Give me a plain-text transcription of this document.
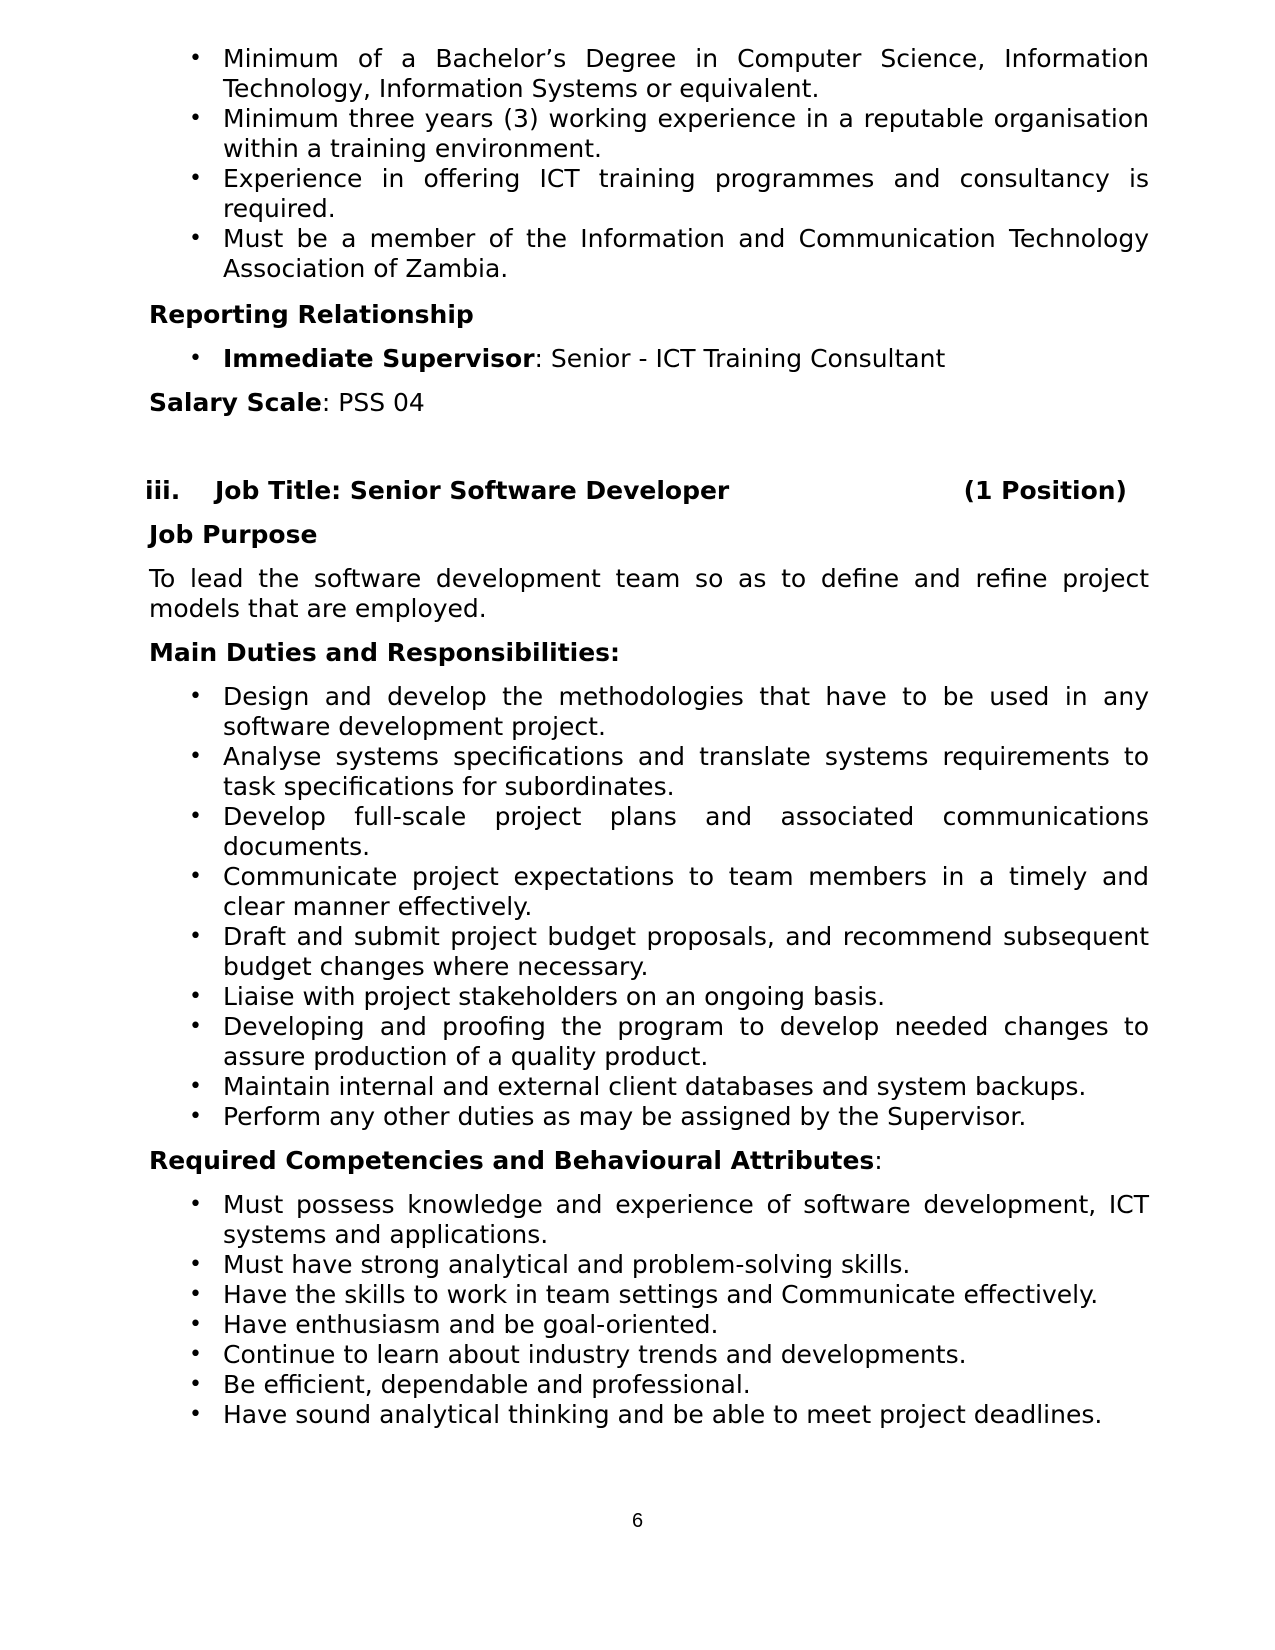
• Minimum of a Bachelor’s Degree in Computer Science, Information Technology, Information Systems or equivalent.
• Minimum three years (3) working experience in a reputable organisation within a training environment.
• Experience in offering ICT training programmes and consultancy is required.
• Must be a member of the Information and Communication Technology Association of Zambia.

Reporting Relationship

• Immediate Supervisor: Senior - ICT Training Consultant

Salary Scale: PSS 04

iii. Job Title: Senior Software Developer	(1 Position)

Job Purpose

To lead the software development team so as to define and refine project models that are employed.

Main Duties and Responsibilities:

• Design and develop the methodologies that have to be used in any software development project.
• Analyse systems specifications and translate systems requirements to task specifications for subordinates.
• Develop full-scale project plans and associated communications documents.
• Communicate project expectations to team members in a timely and clear manner effectively.
• Draft and submit project budget proposals, and recommend subsequent budget changes where necessary.
• Liaise with project stakeholders on an ongoing basis.
• Developing and proofing the program to develop needed changes to assure production of a quality product.
• Maintain internal and external client databases and system backups.
• Perform any other duties as may be assigned by the Supervisor.

Required Competencies and Behavioural Attributes:

• Must possess knowledge and experience of software development, ICT systems and applications.
• Must have strong analytical and problem-solving skills.
• Have the skills to work in team settings and Communicate effectively.
• Have enthusiasm and be goal-oriented.
• Continue to learn about industry trends and developments.
• Be efficient, dependable and professional.
• Have sound analytical thinking and be able to meet project deadlines.
6
